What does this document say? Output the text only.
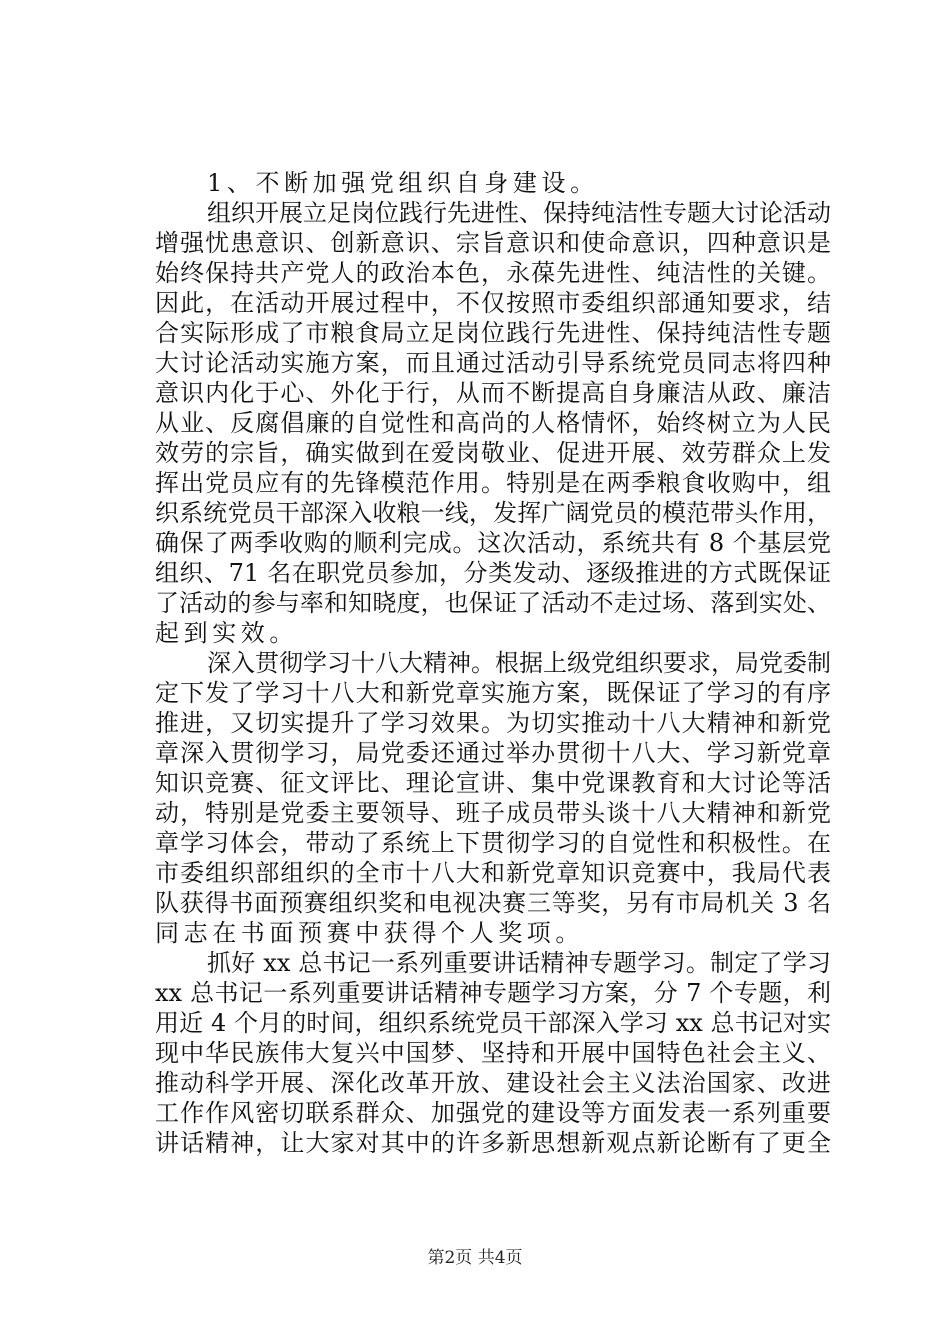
1、不断加强党组织自身建设。
组织开展立足岗位践行先进性、保持纯洁性专题大讨论活动
增强忧患意识、创新意识、宗旨意识和使命意识，四种意识是
始终保持共产党人的政治本色，永葆先进性、纯洁性的关键。
因此，在活动开展过程中，不仅按照市委组织部通知要求，结
合实际形成了市粮食局立足岗位践行先进性、保持纯洁性专题
大讨论活动实施方案，而且通过活动引导系统党员同志将四种
意识内化于心、外化于行，从而不断提高自身廉洁从政、廉洁
从业、反腐倡廉的自觉性和高尚的人格情怀，始终树立为人民
效劳的宗旨，确实做到在爱岗敬业、促进开展、效劳群众上发
挥出党员应有的先锋模范作用。特别是在两季粮食收购中，组
织系统党员干部深入收粮一线，发挥广阔党员的模范带头作用，
确保了两季收购的顺利完成。这次活动，系统共有 8 个基层党
组织、71 名在职党员参加，分类发动、逐级推进的方式既保证
了活动的参与率和知晓度，也保证了活动不走过场、落到实处、
起到实效。
深入贯彻学习十八大精神。根据上级党组织要求，局党委制
定下发了学习十八大和新党章实施方案，既保证了学习的有序
推进，又切实提升了学习效果。为切实推动十八大精神和新党
章深入贯彻学习，局党委还通过举办贯彻十八大、学习新党章
知识竞赛、征文评比、理论宣讲、集中党课教育和大讨论等活
动，特别是党委主要领导、班子成员带头谈十八大精神和新党
章学习体会，带动了系统上下贯彻学习的自觉性和积极性。在
市委组织部组织的全市十八大和新党章知识竞赛中，我局代表
队获得书面预赛组织奖和电视决赛三等奖，另有市局机关 3 名
同志在书面预赛中获得个人奖项。
抓好 xx 总书记一系列重要讲话精神专题学习。制定了学习
xx 总书记一系列重要讲话精神专题学习方案，分 7 个专题，利
用近 4 个月的时间，组织系统党员干部深入学习 xx 总书记对实
现中华民族伟大复兴中国梦、坚持和开展中国特色社会主义、
推动科学开展、深化改革开放、建设社会主义法治国家、改进
工作作风密切联系群众、加强党的建设等方面发表一系列重要
讲话精神，让大家对其中的许多新思想新观点新论断有了更全
第2页 共4页
